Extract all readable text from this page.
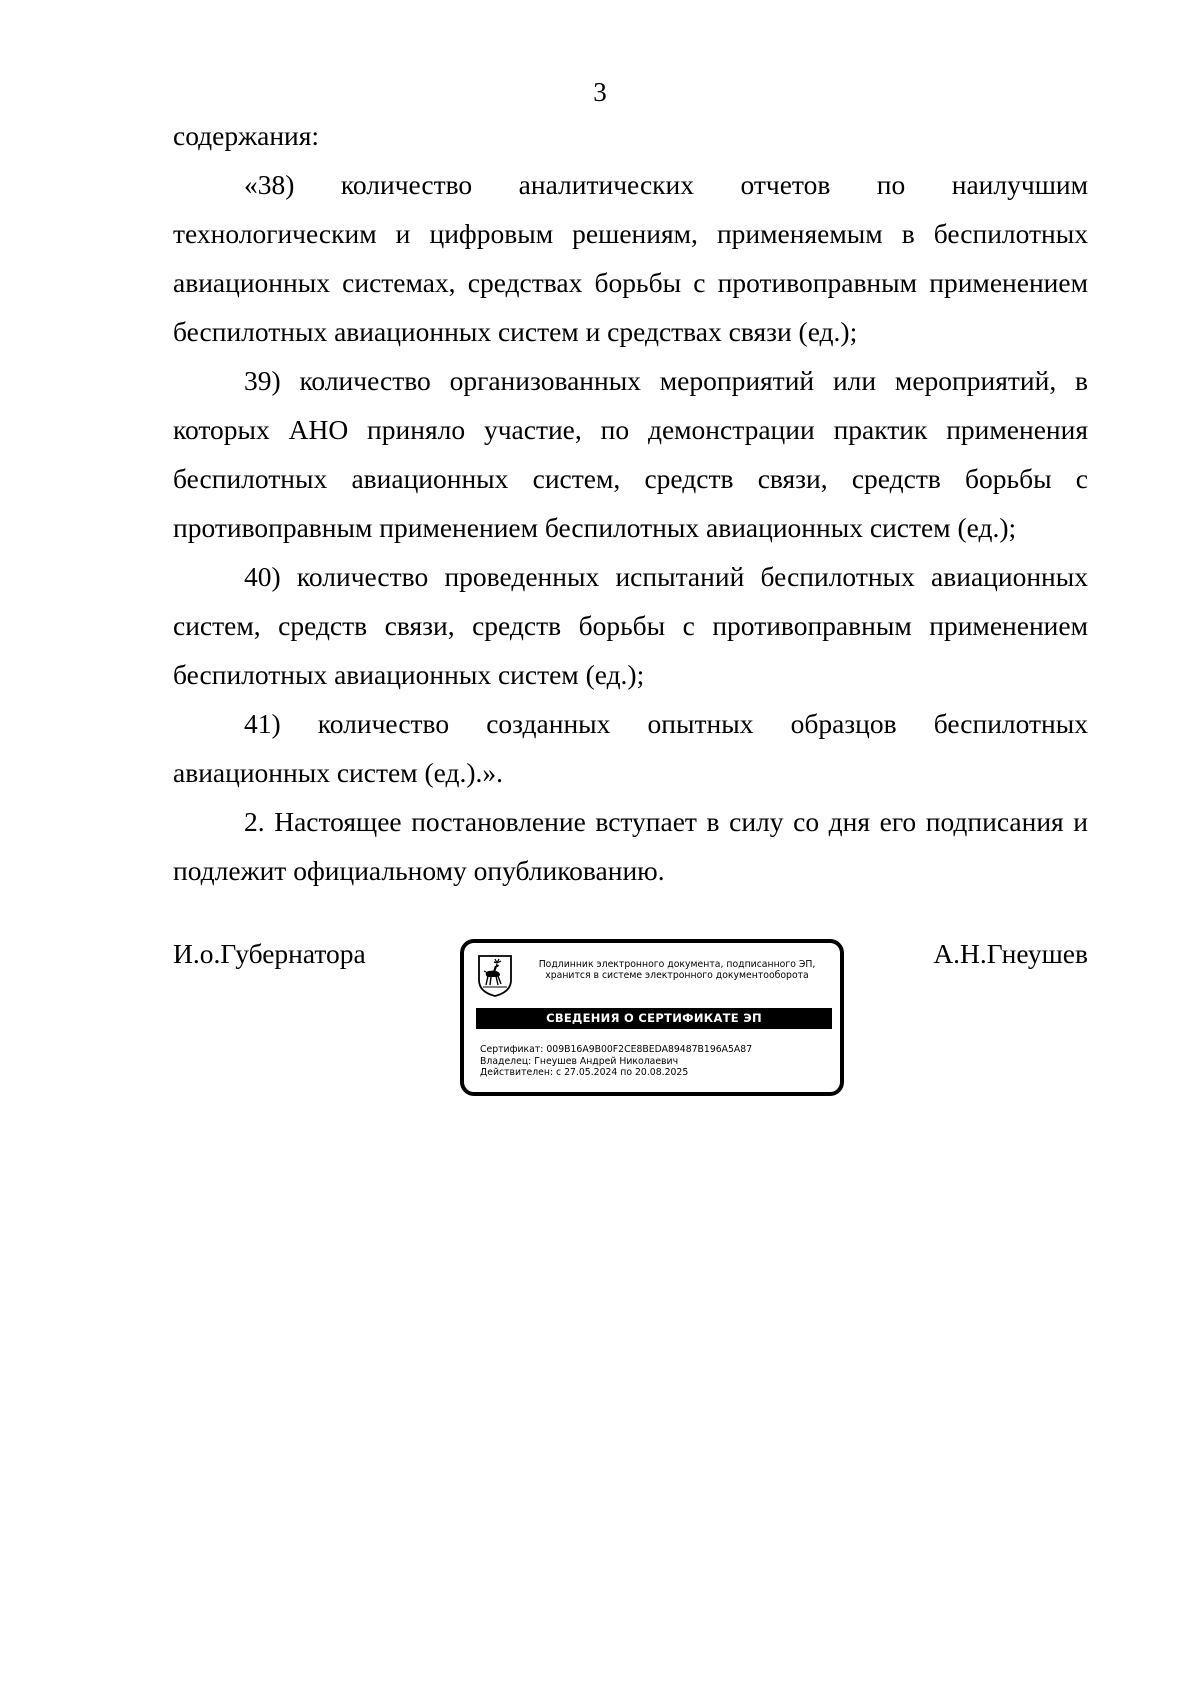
3

содержания:

«38) количество аналитических отчетов по наилучшим технологическим и цифровым решениям, применяемым в беспилотных авиационных системах, средствах борьбы с противоправным применением беспилотных авиационных систем и средствах связи (ед.);

39) количество организованных мероприятий или мероприятий, в которых АНО приняло участие, по демонстрации практик применения беспилотных авиационных систем, средств связи, средств борьбы с противоправным применением беспилотных авиационных систем (ед.);

40) количество проведенных испытаний беспилотных авиационных систем, средств связи, средств борьбы с противоправным применением беспилотных авиационных систем (ед.);

41) количество созданных опытных образцов беспилотных авиационных систем (ед.).».

2. Настоящее постановление вступает в силу со дня его подписания и подлежит официальному опубликованию.

И.о.Губернатора	А.Н.Гнеушев
Подлинник электронного документа, подписанного ЭП,
хранится в системе электронного документооборота
СВЕДЕНИЯ О СЕРТИФИКАТЕ ЭП
Сертификат: 009B16A9B00F2CE8BEDA89487B196A5A87
Владелец: Гнеушев Андрей Николаевич
Действителен: с 27.05.2024 по 20.08.2025
